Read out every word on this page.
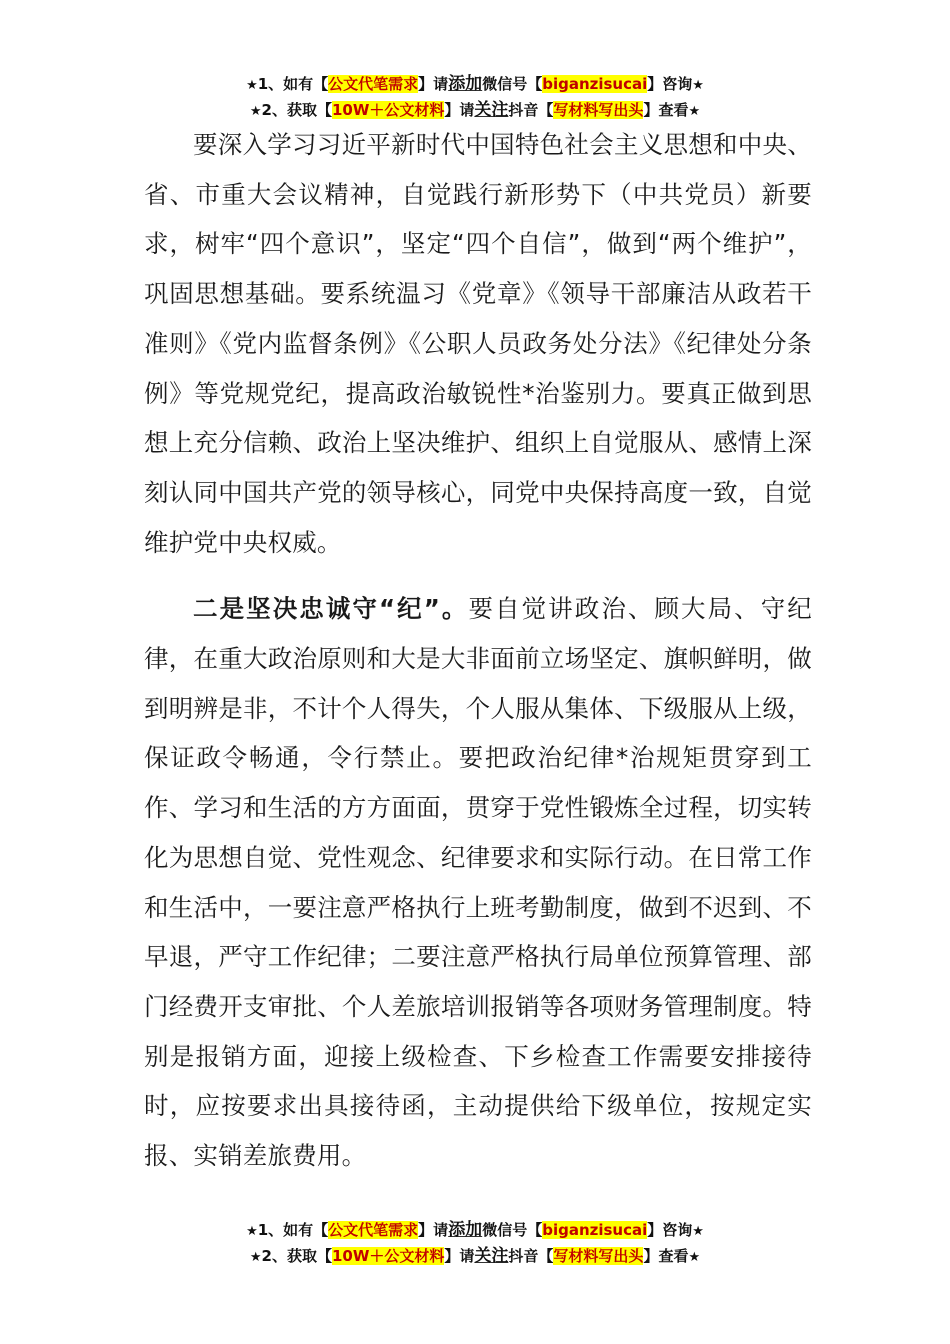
★1、如有【公文代笔需求】请添加微信号【biganzisucai】咨询★
★2、获取【10W＋公文材料】请关注抖音【写材料写出头】查看★

要深入学习习近平新时代中国特色社会主义思想和中央、省、市重大会议精神，自觉践行新形势下（中共党员）新要求，树牢“四个意识”，坚定“四个自信”，做到“两个维护”，巩固思想基础。要系统温习《党章》《领导干部廉洁从政若干准则》《党内监督条例》《公职人员政务处分法》《纪律处分条例》等党规党纪，提高政治敏锐性*治鉴别力。要真正做到思想上充分信赖、政治上坚决维护、组织上自觉服从、感情上深刻认同中国共产党的领导核心，同党中央保持高度一致，自觉维护党中央权威。

二是坚决忠诚守“纪”。要自觉讲政治、顾大局、守纪律，在重大政治原则和大是大非面前立场坚定、旗帜鲜明，做到明辨是非，不计个人得失，个人服从集体、下级服从上级，保证政令畅通，令行禁止。要把政治纪律*治规矩贯穿到工作、学习和生活的方方面面，贯穿于党性锻炼全过程，切实转化为思想自觉、党性观念、纪律要求和实际行动。在日常工作和生活中，一要注意严格执行上班考勤制度，做到不迟到、不早退，严守工作纪律；二要注意严格执行局单位预算管理、部门经费开支审批、个人差旅培训报销等各项财务管理制度。特别是报销方面，迎接上级检查、下乡检查工作需要安排接待时，应按要求出具接待函，主动提供给下级单位，按规定实报、实销差旅费用。

★1、如有【公文代笔需求】请添加微信号【biganzisucai】咨询★
★2、获取【10W＋公文材料】请关注抖音【写材料写出头】查看★
